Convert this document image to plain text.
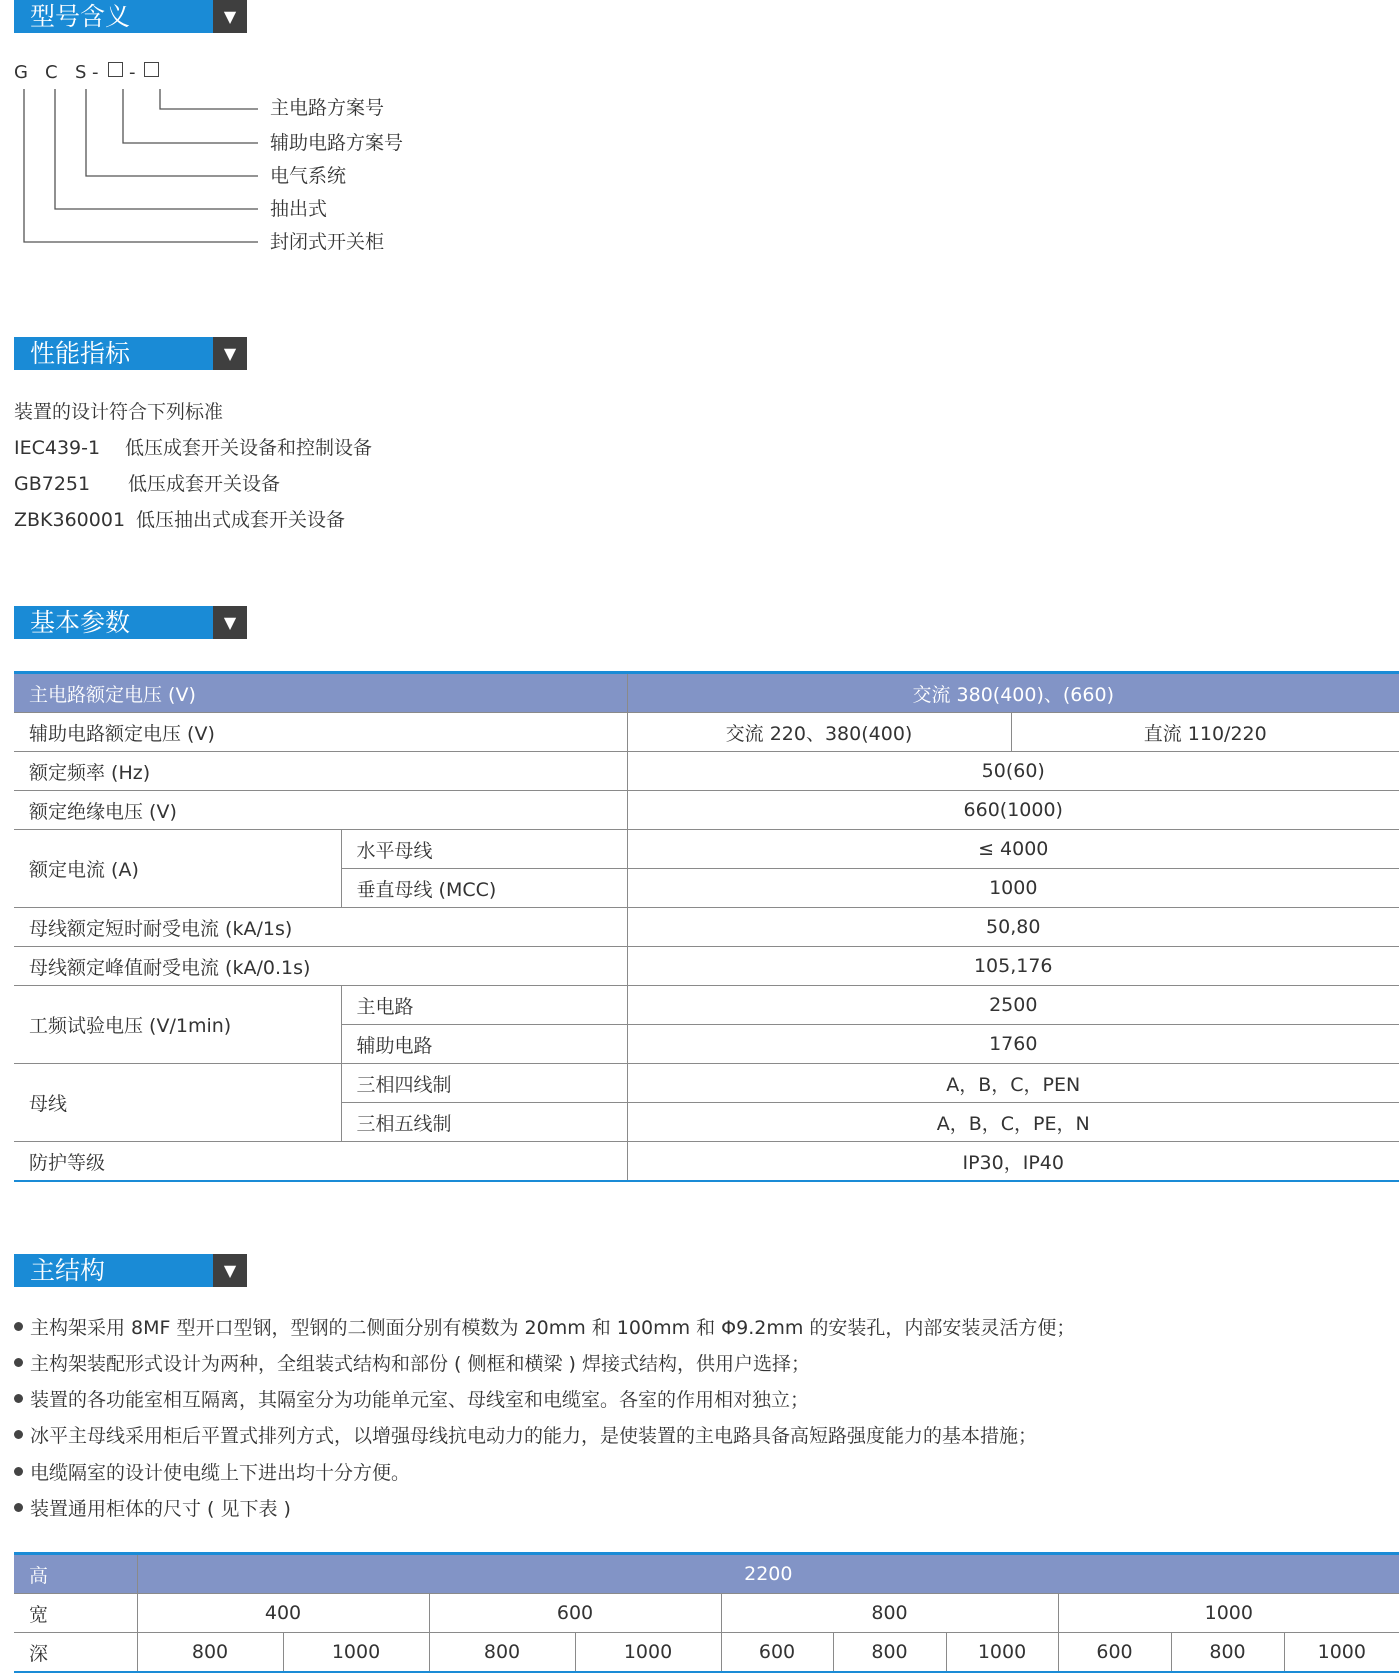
型号含义	▼
G C S - -
主电路方案号
辅助电路方案号
电气系统
抽出式
封闭式开关柜
性能指标	▼
装置的设计符合下列标准
IEC439-1 低压成套开关设备和控制设备
GB7251 低压成套开关设备
ZBK360001 低压抽出式成套开关设备
基本参数	▼
主电路额定电压 (V)		交流 380(400)、(660)	
辅助电路额定电压 (V)		交流 220、380(400)	直流 110/220
额定频率 (Hz)		50(60)	
额定绝缘电压 (V)		660(1000)	
额定电流 (A)	水平母线	≤ 4000	
	垂直母线 (MCC)	1000	
母线额定短时耐受电流 (kA/1s)		50,80	
母线额定峰值耐受电流 (kA/0.1s)		105,176	
工频试验电压 (V/1min)	主电路	2500	
	辅助电路	1760	
母线	三相四线制	A，B，C，PEN	
	三相五线制	A，B，C，PE，N	
防护等级		IP30，IP40	
主结构	▼
主构架采用 8MF 型开口型钢，型钢的二侧面分别有模数为 20mm 和 100mm 和 Φ9.2mm 的安装孔，内部安装灵活方便；
主构架装配形式设计为两种，全组装式结构和部份 ( 侧框和横梁 ) 焊接式结构，供用户选择；
装置的各功能室相互隔离，其隔室分为功能单元室、母线室和电缆室。各室的作用相对独立；
冰平主母线采用柜后平置式排列方式，以增强母线抗电动力的能力，是使装置的主电路具备高短路强度能力的基本措施；
电缆隔室的设计使电缆上下进出均十分方便。
装置通用柜体的尺寸 ( 见下表 )
高	2200									
宽	400		600		800			1000		
深	800	1000	800	1000	600	800	1000	600	800	1000
